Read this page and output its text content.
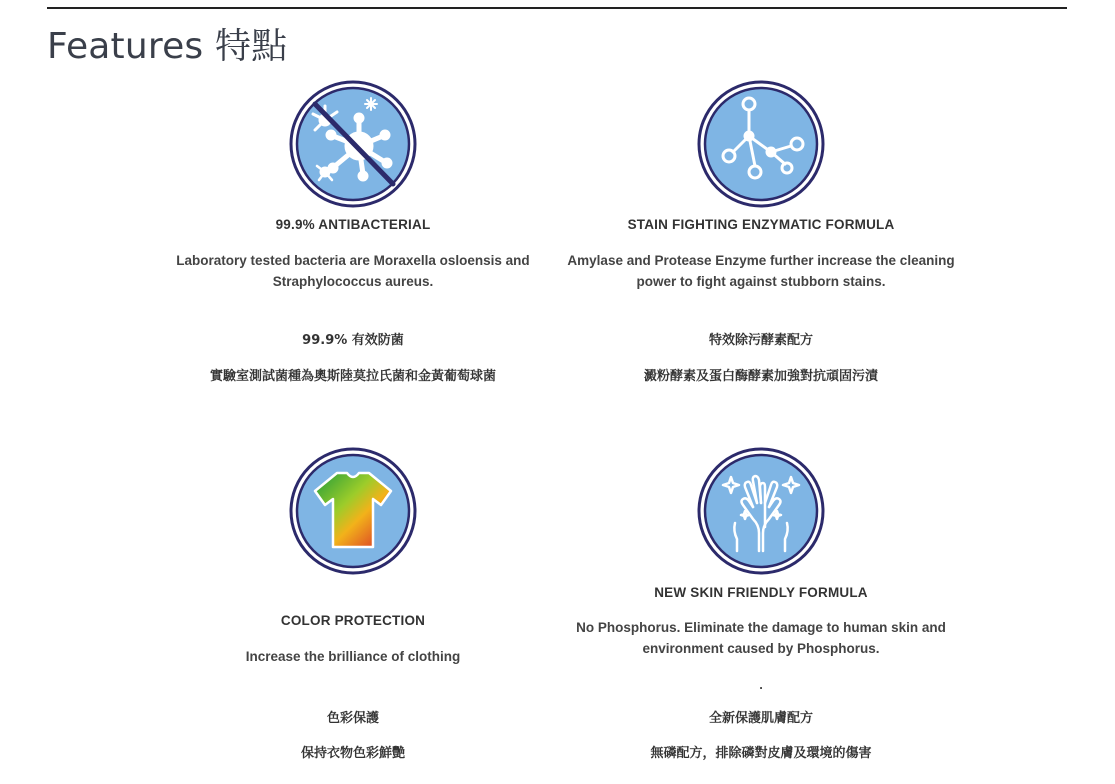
Features 特點
99.9% ANTIBACTERIAL
Laboratory tested bacteria are Moraxella osloensis and
Straphylococcus aureus.
99.9% 有效防菌
實驗室測試菌種為奧斯陸莫拉氏菌和金黃葡萄球菌
STAIN FIGHTING ENZYMATIC FORMULA
Amylase and Protease Enzyme further increase the cleaning
power to fight against stubborn stains.
特效除污酵素配方
澱粉酵素及蛋白酶酵素加強對抗頑固污漬
COLOR PROTECTION
Increase the brilliance of clothing
色彩保護
保持衣物色彩鮮艷
NEW SKIN FRIENDLY FORMULA
No Phosphorus. Eliminate the damage to human skin and
environment caused by Phosphorus.
.
全新保護肌膚配方
無磷配方，排除磷對皮膚及環境的傷害
